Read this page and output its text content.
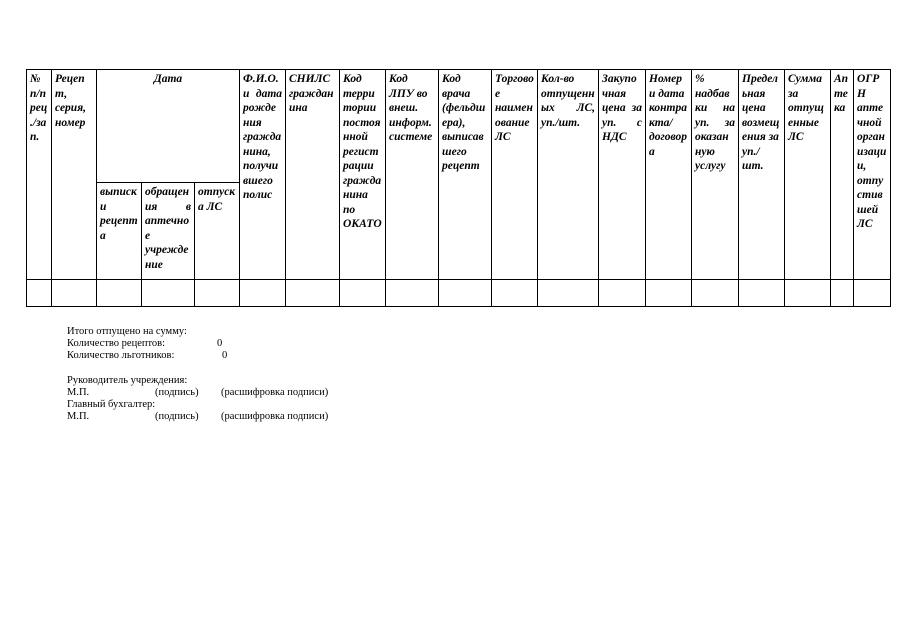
№ п/п рец./за п.	Рецепт, серия, номер	Дата			Ф.И.О. и дата рождения гражданина, получившего полис	СНИЛС гражданина	Код территории постоянной регистрации гражданина по ОКАТО	Код ЛПУ во внеш. информ. системе	Код врача (фельдшера), выписавшего рецепт	Торговое наименование ЛС	Кол-во отпущенных ЛС, уп./шт.	Закупочная цена за уп. с НДС	Номер и дата контракта/договора	% надбавки на уп. за оказанную услугу	Предельная цена возмещения за уп./шт.	Сумма за отпущенные ЛС	Аптека	ОГРН аптечной организации, отпустившей ЛС
		выписки рецепта	обращения в аптечное учреждение	отпуска ЛС														

Итого отпущено на сумму:
Количество рецептов:	0
Количество льготников:	0
Руководитель учреждения:
М.П.	(подпись) (расшифровка подписи)
Главный бухгалтер:
М.П.	(подпись) (расшифровка подписи)
